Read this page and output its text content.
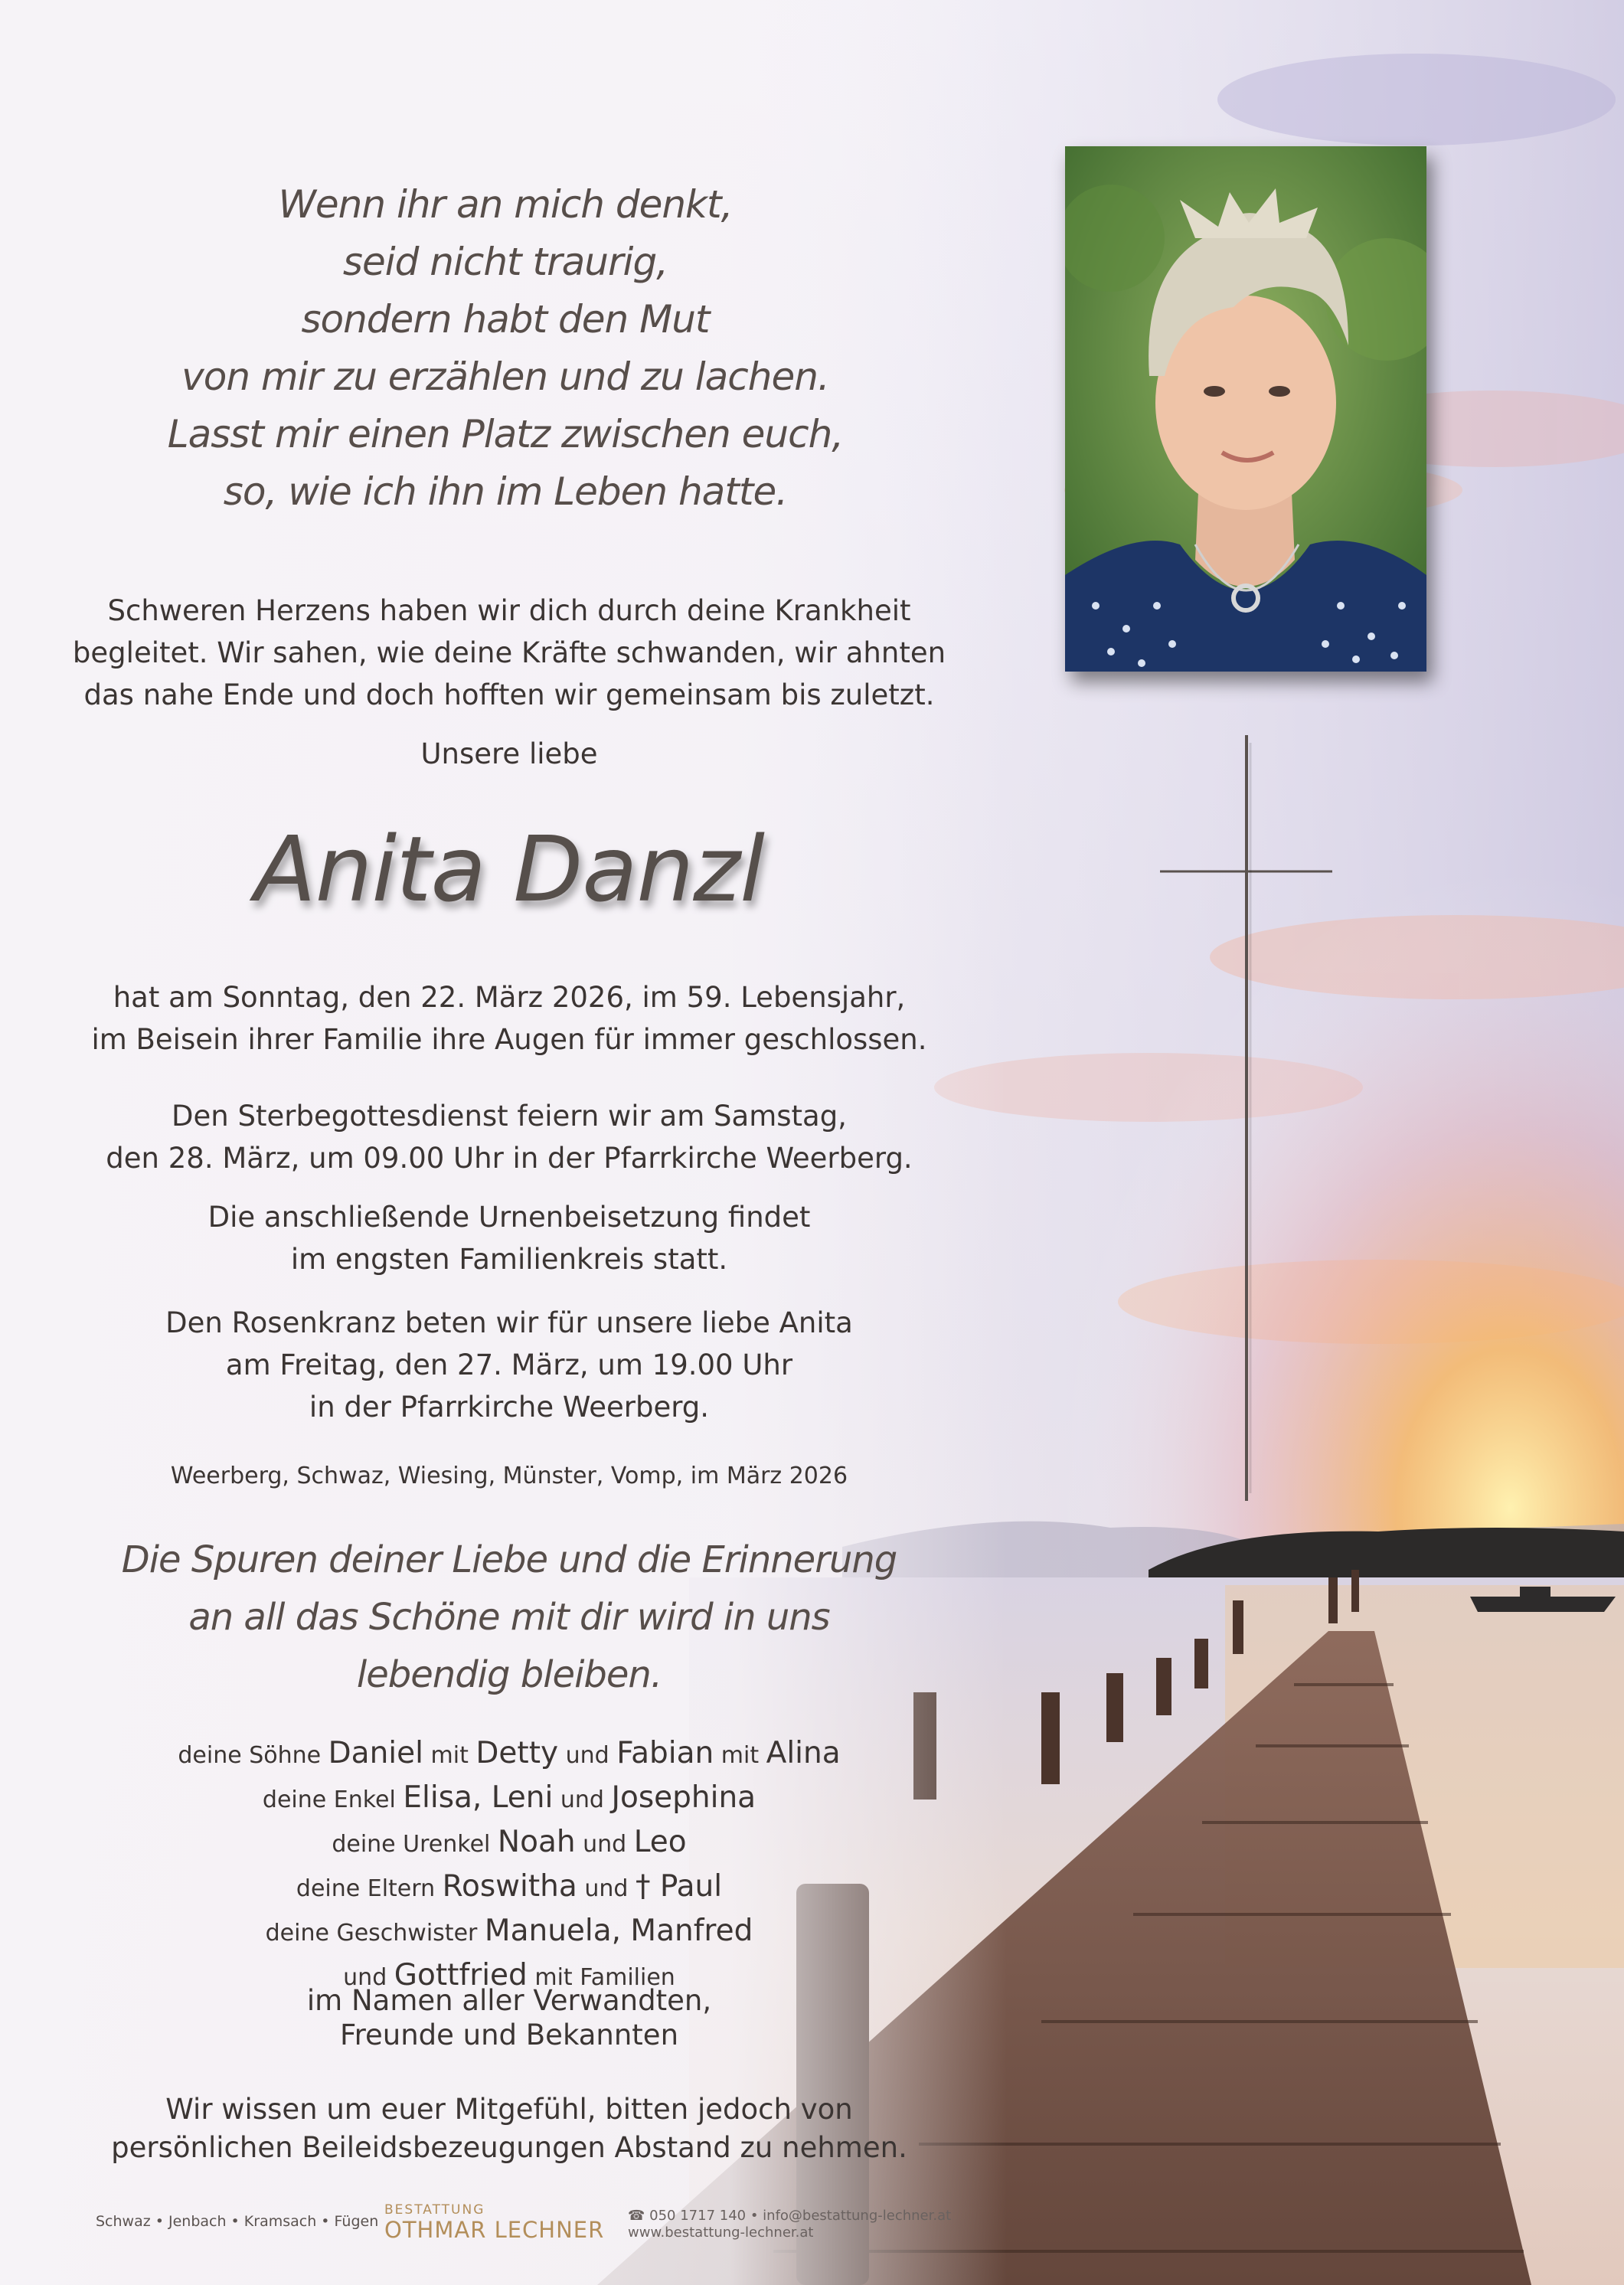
Wenn ihr an mich denkt,
seid nicht traurig,
sondern habt den Mut
von mir zu erzählen und zu lachen.
Lasst mir einen Platz zwischen euch,
so, wie ich ihn im Leben hatte.
Schweren Herzens haben wir dich durch deine Krankheit
begleitet. Wir sahen, wie deine Kräfte schwanden, wir ahnten
das nahe Ende und doch hofften wir gemeinsam bis zuletzt.
Unsere liebe
Anita Danzl
hat am Sonntag, den 22. März 2026, im 59. Lebensjahr,
im Beisein ihrer Familie ihre Augen für immer geschlossen.
Den Sterbegottesdienst feiern wir am Samstag,
den 28. März, um 09.00 Uhr in der Pfarrkirche Weerberg.
Die anschließende Urnenbeisetzung findet
im engsten Familienkreis statt.
Den Rosenkranz beten wir für unsere liebe Anita
am Freitag, den 27. März, um 19.00 Uhr
in der Pfarrkirche Weerberg.
Weerberg, Schwaz, Wiesing, Münster, Vomp, im März 2026
Die Spuren deiner Liebe und die Erinnerung
an all das Schöne mit dir wird in uns
lebendig bleiben.
deine Söhne Daniel mit Detty und Fabian mit Alina
deine Enkel Elisa, Leni und Josephina
deine Urenkel Noah und Leo
deine Eltern Roswitha und † Paul
deine Geschwister Manuela, Manfred
und Gottfried mit Familien
im Namen aller Verwandten,
Freunde und Bekannten
Wir wissen um euer Mitgefühl, bitten jedoch von
persönlichen Beileidsbezeugungen Abstand zu nehmen.
Schwaz • Jenbach • Kramsach • Fügen
BESTATTUNG
OTHMAR LECHNER
☎ 050 1717 140 • info@bestattung-lechner.at
www.bestattung-lechner.at
